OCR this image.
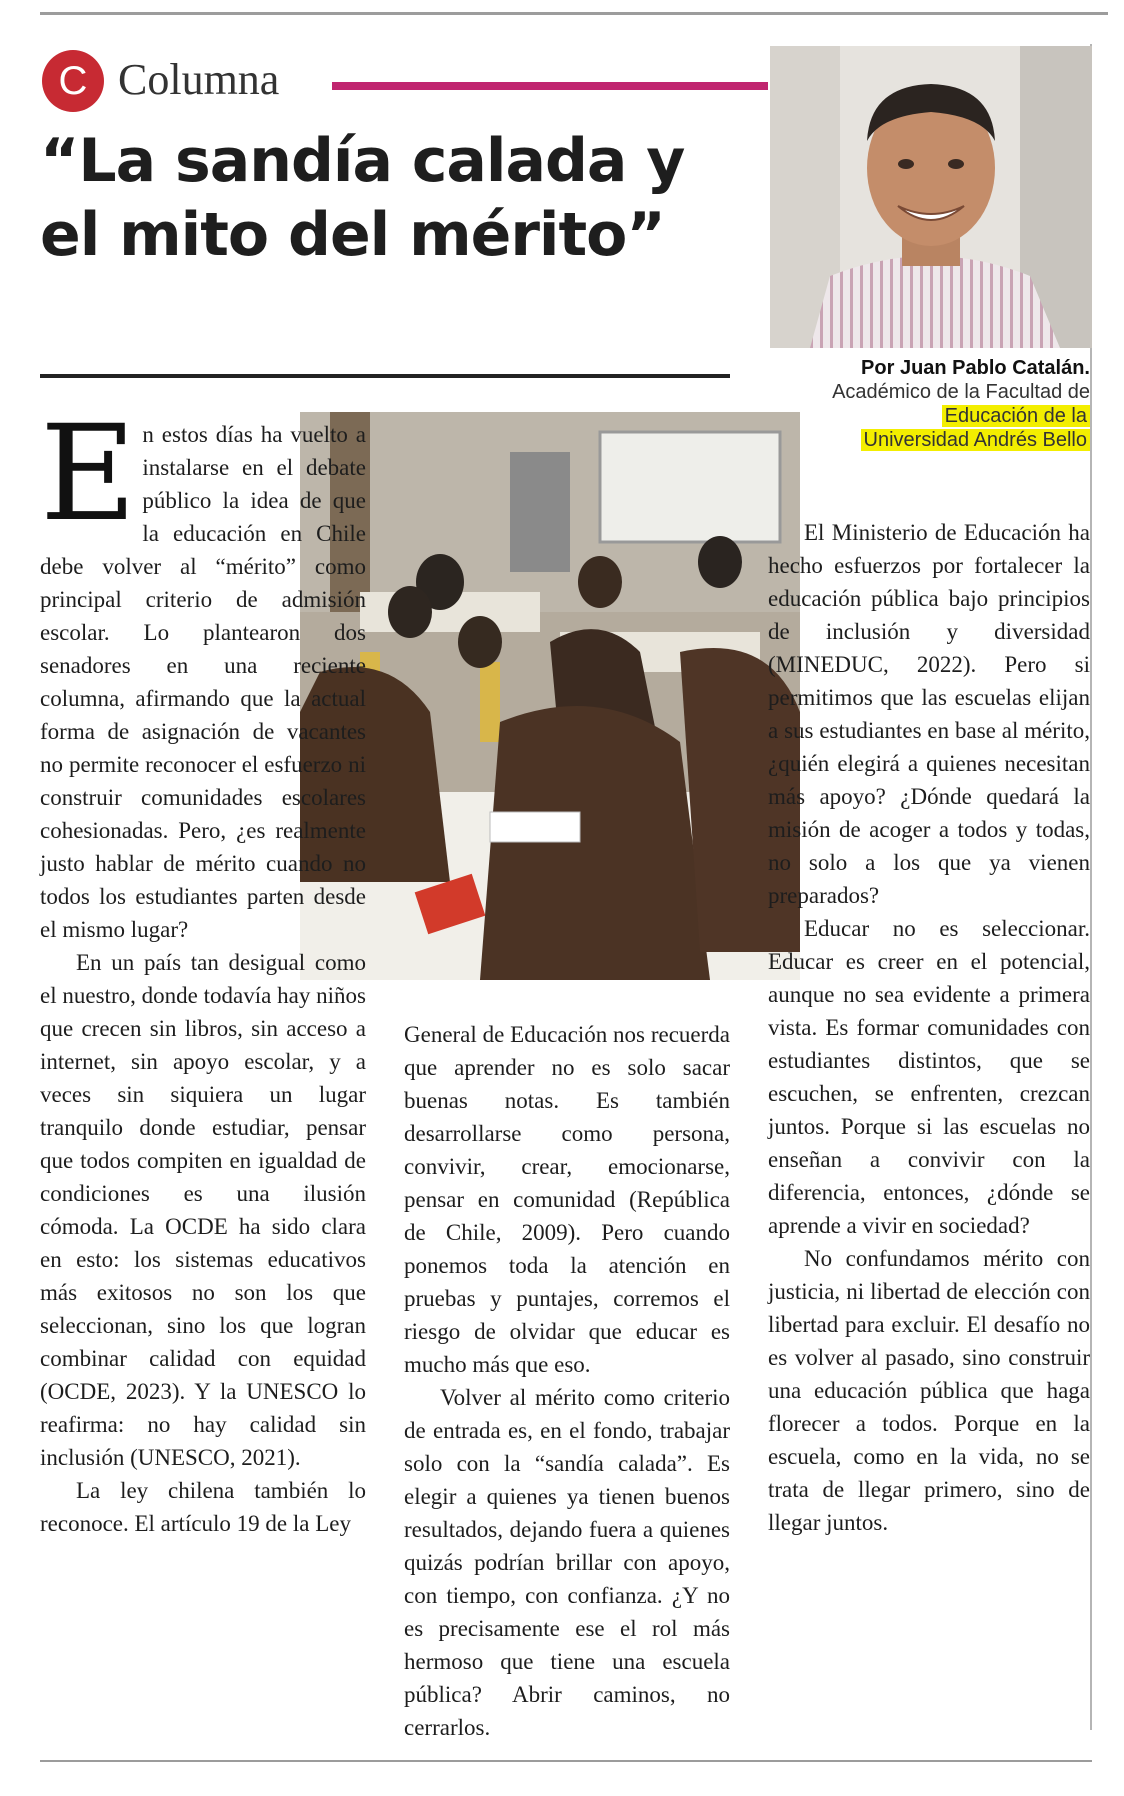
C Columna
“La sandía calada y el mito del mérito”
Por Juan Pablo Catalán.
Académico de la Facultad de
Educación de la
Universidad Andrés Bello
E n estos días ha vuelto a instalarse en el debate público la idea de que la educación en Chile debe volver al “mérito” como principal criterio de admisión escolar. Lo plantearon dos senadores en una reciente columna, afirmando que la actual forma de asignación de vacantes no permite reconocer el esfuerzo ni construir comunidades escolares cohesionadas. Pero, ¿es realmente justo hablar de mérito cuando no todos los estudiantes parten desde el mismo lugar?

En un país tan desigual como el nuestro, donde todavía hay niños que crecen sin libros, sin acceso a internet, sin apoyo escolar, y a veces sin siquiera un lugar tranquilo donde estudiar, pensar que todos compiten en igualdad de condiciones es una ilusión cómoda. La OCDE ha sido clara en esto: los sistemas educativos más exitosos no son los que seleccionan, sino los que logran combinar calidad con equidad (OCDE, 2023). Y la UNESCO lo reafirma: no hay calidad sin inclusión (UNESCO, 2021).

La ley chilena también lo reconoce. El artículo 19 de la Ley

General de Educación nos recuerda que aprender no es solo sacar buenas notas. Es también desarrollarse como persona, convivir, crear, emocionarse, pensar en comunidad (República de Chile, 2009). Pero cuando ponemos toda la atención en pruebas y puntajes, corremos el riesgo de olvidar que educar es mucho más que eso.

Volver al mérito como criterio de entrada es, en el fondo, trabajar solo con la “sandía calada”. Es elegir a quienes ya tienen buenos resultados, dejando fuera a quienes quizás podrían brillar con apoyo, con tiempo, con confianza. ¿Y no es precisamente ese el rol más hermoso que tiene una escuela pública? Abrir caminos, no cerrarlos.

El Ministerio de Educación ha hecho esfuerzos por fortalecer la educación pública bajo principios de inclusión y diversidad (MINEDUC, 2022). Pero si permitimos que las escuelas elijan a sus estudiantes en base al mérito, ¿quién elegirá a quienes necesitan más apoyo? ¿Dónde quedará la misión de acoger a todos y todas, no solo a los que ya vienen preparados?

Educar no es seleccionar. Educar es creer en el potencial, aunque no sea evidente a primera vista. Es formar comunidades con estudiantes distintos, que se escuchen, se enfrenten, crezcan juntos. Porque si las escuelas no enseñan a convivir con la diferencia, entonces, ¿dónde se aprende a vivir en sociedad?

No confundamos mérito con justicia, ni libertad de elección con libertad para excluir. El desafío no es volver al pasado, sino construir una educación pública que haga florecer a todos. Porque en la escuela, como en la vida, no se trata de llegar primero, sino de llegar juntos.
